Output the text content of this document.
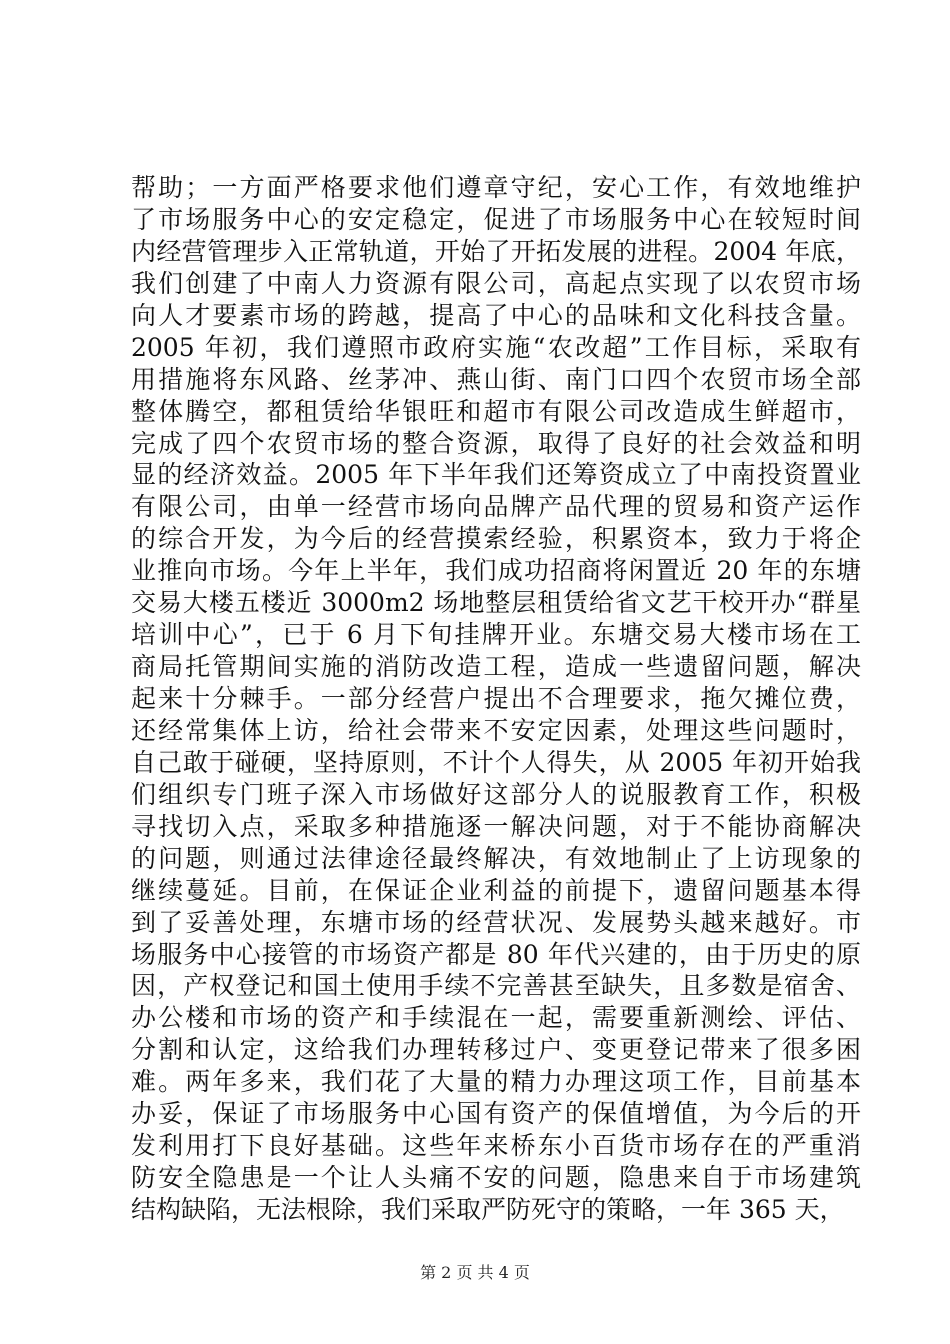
帮助；一方面严格要求他们遵章守纪，安心工作，有效地维护
了市场服务中心的安定稳定，促进了市场服务中心在较短时间
内经营管理步入正常轨道，开始了开拓发展的进程。2004 年底，
我们创建了中南人力资源有限公司，高起点实现了以农贸市场
向人才要素市场的跨越，提高了中心的品味和文化科技含量。
2005 年初，我们遵照市政府实施“农改超”工作目标，采取有
用措施将东风路、丝茅冲、燕山街、南门口四个农贸市场全部
整体腾空，都租赁给华银旺和超市有限公司改造成生鲜超市，
完成了四个农贸市场的整合资源，取得了良好的社会效益和明
显的经济效益。2005 年下半年我们还筹资成立了中南投资置业
有限公司，由单一经营市场向品牌产品代理的贸易和资产运作
的综合开发，为今后的经营摸索经验，积累资本，致力于将企
业推向市场。今年上半年，我们成功招商将闲置近 20 年的东塘
交易大楼五楼近 3000m2 场地整层租赁给省文艺干校开办“群星
培训中心”，已于 6 月下旬挂牌开业。东塘交易大楼市场在工
商局托管期间实施的消防改造工程，造成一些遗留问题，解决
起来十分棘手。一部分经营户提出不合理要求，拖欠摊位费，
还经常集体上访，给社会带来不安定因素，处理这些问题时，
自己敢于碰硬，坚持原则，不计个人得失，从 2005 年初开始我
们组织专门班子深入市场做好这部分人的说服教育工作，积极
寻找切入点，采取多种措施逐一解决问题，对于不能协商解决
的问题，则通过法律途径最终解决，有效地制止了上访现象的
继续蔓延。目前，在保证企业利益的前提下，遗留问题基本得
到了妥善处理，东塘市场的经营状况、发展势头越来越好。市
场服务中心接管的市场资产都是 80 年代兴建的，由于历史的原
因，产权登记和国土使用手续不完善甚至缺失，且多数是宿舍、
办公楼和市场的资产和手续混在一起，需要重新测绘、评估、
分割和认定，这给我们办理转移过户、变更登记带来了很多困
难。两年多来，我们花了大量的精力办理这项工作，目前基本
办妥，保证了市场服务中心国有资产的保值增值，为今后的开
发利用打下良好基础。这些年来桥东小百货市场存在的严重消
防安全隐患是一个让人头痛不安的问题，隐患来自于市场建筑
结构缺陷，无法根除，我们采取严防死守的策略，一年 365 天，
第 2 页 共 4 页
